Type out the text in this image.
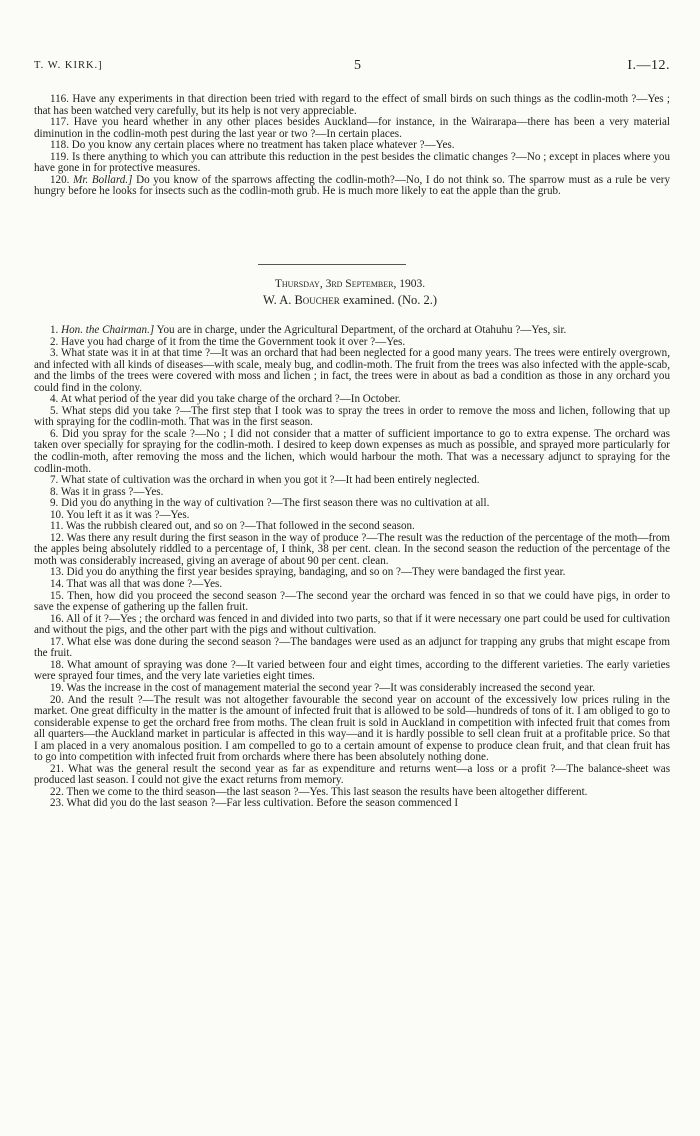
T. W. KIRK.]	5	I.—12.

116. Have any experiments in that direction been tried with regard to the effect of small birds on such things as the codlin-moth ?—Yes ; that has been watched very carefully, but its help is not very appreciable.

117. Have you heard whether in any other places besides Auckland—for instance, in the Wairarapa—there has been a very material diminution in the codlin-moth pest during the last year or two ?—In certain places.

118. Do you know any certain places where no treatment has taken place whatever ?—Yes.

119. Is there anything to which you can attribute this reduction in the pest besides the climatic changes ?—No ; except in places where you have gone in for protective measures.

120. Mr. Bollard.] Do you know of the sparrows affecting the codlin-moth?—No, I do not think so. The sparrow must as a rule be very hungry before he looks for insects such as the codlin-moth grub. He is much more likely to eat the apple than the grub.

Thursday, 3rd September, 1903.
W. A. Boucher examined. (No. 2.)

1. Hon. the Chairman.] You are in charge, under the Agricultural Department, of the orchard at Otahuhu ?—Yes, sir.

2. Have you had charge of it from the time the Government took it over ?—Yes.

3. What state was it in at that time ?—It was an orchard that had been neglected for a good many years. The trees were entirely overgrown, and infected with all kinds of diseases—with scale, mealy bug, and codlin-moth. The fruit from the trees was also infected with the apple-scab, and the limbs of the trees were covered with moss and lichen ; in fact, the trees were in about as bad a condition as those in any orchard you could find in the colony.

4. At what period of the year did you take charge of the orchard ?—In October.

5. What steps did you take ?—The first step that I took was to spray the trees in order to remove the moss and lichen, following that up with spraying for the codlin-moth. That was in the first season.

6. Did you spray for the scale ?—No ; I did not consider that a matter of sufficient importance to go to extra expense. The orchard was taken over specially for spraying for the codlin-moth. I desired to keep down expenses as much as possible, and sprayed more particularly for the codlin-moth, after removing the moss and the lichen, which would harbour the moth. That was a necessary adjunct to spraying for the codlin-moth.

7. What state of cultivation was the orchard in when you got it ?—It had been entirely neglected.

8. Was it in grass ?—Yes.

9. Did you do anything in the way of cultivation ?—The first season there was no cultivation at all.

10. You left it as it was ?—Yes.

11. Was the rubbish cleared out, and so on ?—That followed in the second season.

12. Was there any result during the first season in the way of produce ?—The result was the reduction of the percentage of the moth—from the apples being absolutely riddled to a percentage of, I think, 38 per cent. clean. In the second season the reduction of the percentage of the moth was considerably increased, giving an average of about 90 per cent. clean.

13. Did you do anything the first year besides spraying, bandaging, and so on ?—They were bandaged the first year.

14. That was all that was done ?—Yes.

15. Then, how did you proceed the second season ?—The second year the orchard was fenced in so that we could have pigs, in order to save the expense of gathering up the fallen fruit.

16. All of it ?—Yes ; the orchard was fenced in and divided into two parts, so that if it were necessary one part could be used for cultivation and without the pigs, and the other part with the pigs and without cultivation.

17. What else was done during the second season ?—The bandages were used as an adjunct for trapping any grubs that might escape from the fruit.

18. What amount of spraying was done ?—It varied between four and eight times, according to the different varieties. The early varieties were sprayed four times, and the very late varieties eight times.

19. Was the increase in the cost of management material the second year ?—It was considerably increased the second year.

20. And the result ?—The result was not altogether favourable the second year on account of the excessively low prices ruling in the market. One great difficulty in the matter is the amount of infected fruit that is allowed to be sold—hundreds of tons of it. I am obliged to go to considerable expense to get the orchard free from moths. The clean fruit is sold in Auckland in competition with infected fruit that comes from all quarters—the Auckland market in particular is affected in this way—and it is hardly possible to sell clean fruit at a profitable price. So that I am placed in a very anomalous position. I am compelled to go to a certain amount of expense to produce clean fruit, and that clean fruit has to go into competition with infected fruit from orchards where there has been absolutely nothing done.

21. What was the general result the second year as far as expenditure and returns went—a loss or a profit ?—The balance-sheet was produced last season. I could not give the exact returns from memory.

22. Then we come to the third season—the last season ?—Yes. This last season the results have been altogether different.

23. What did you do the last season ?—Far less cultivation. Before the season commenced I
